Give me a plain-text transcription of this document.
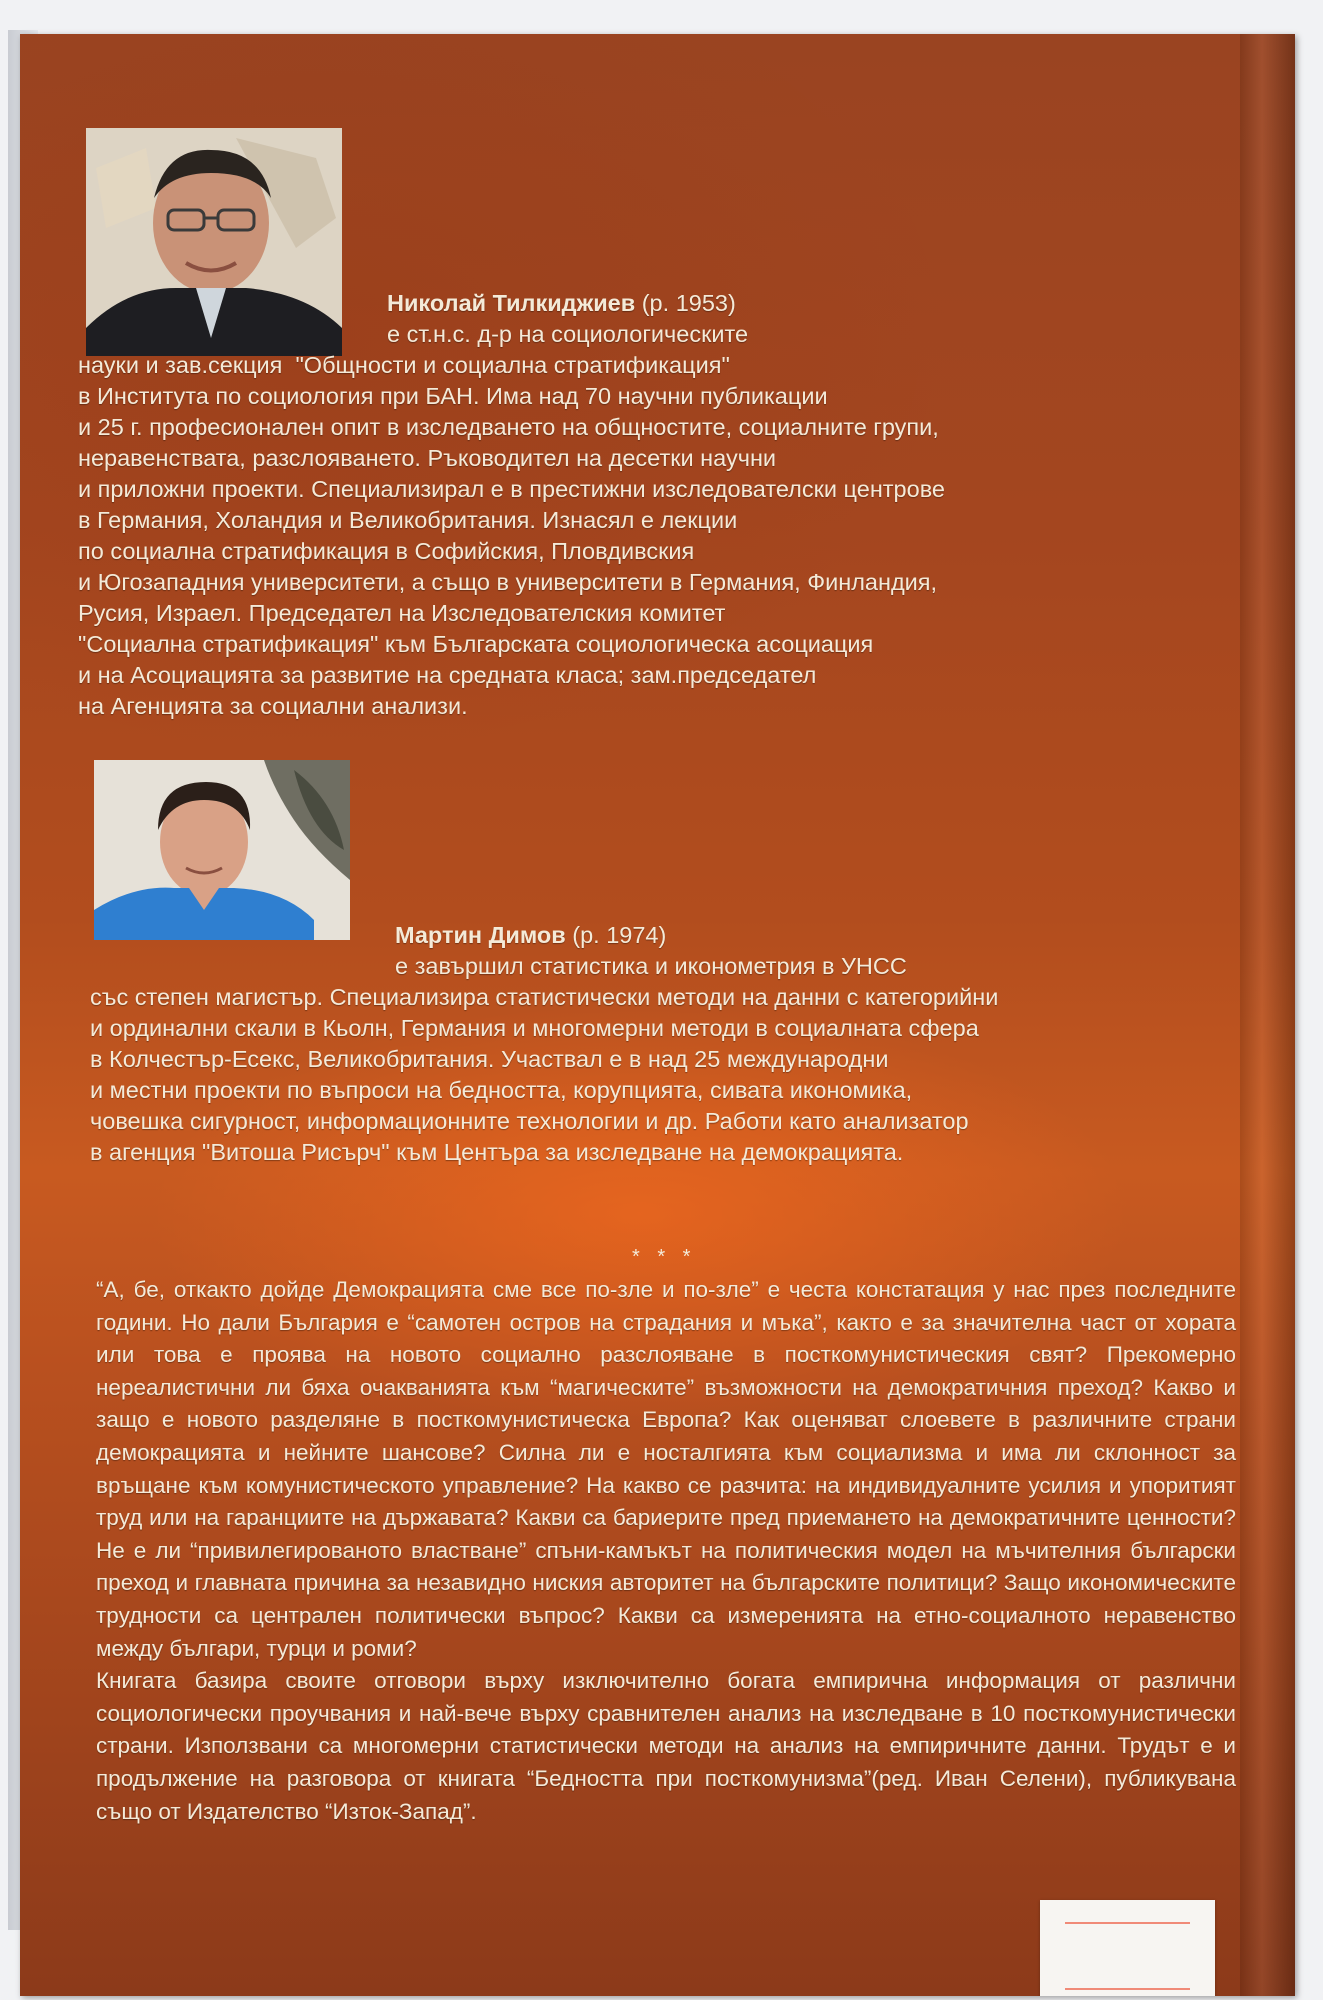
Николай Тилкиджиев (р. 1953)
е ст.н.с. д-р на социологическите
науки и зав.секция  "Общности и социална стратификация"
в Института по социология при БАН. Има над 70 научни публикации
и 25 г. професионален опит в изследването на общностите, социалните групи,
неравенствата, разслояването. Ръководител на десетки научни
и приложни проекти. Специализирал е в престижни изследователски центрове
в Германия, Холандия и Великобритания. Изнасял е лекции
по социална стратификация в Софийския, Пловдивския
и Югозападния университети, а също в университети в Германия, Финландия,
Русия, Израел. Председател на Изследователския комитет
"Социална стратификация" към Българската социологическа асоциация
и на Асоциацията за развитие на средната класа; зам.председател
на Агенцията за социални анализи.
Мартин Димов (р. 1974)
е завършил статистика и иконометрия в УНСС
със степен магистър. Специализира статистически методи на данни с категорийни
и ординални скали в Кьолн, Германия и многомерни методи в социалната сфера
в Колчестър-Есекс, Великобритания. Участвал е в над 25 международни
и местни проекти по въпроси на бедността, корупцията, сивата икономика,
човешка сигурност, информационните технологии и др. Работи като анализатор
в агенция "Витоша Рисърч" към Центъра за изследване на демокрацията.
* * *

“А, бе, откакто дойде Демокрацията сме все по-зле и по-зле” е честа констатация у нас през последните години. Но дали България е “самотен остров на страдания и мъка”, както е за значителна част от хората или това е проява на новото социално разслояване в посткомунистическия свят? Прекомерно нереалистични ли бяха очакванията към “магическите” възможности на демократичния преход? Какво и защо е новото разделяне в посткомунистическа Европа? Как оценяват слоевете в различните страни демокрацията и нейните шансове? Силна ли е носталгията към социализма и има ли склонност за връщане към комунистическото управление? На какво се разчита: на индивидуалните усилия и упоритият труд или на гаранциите на държавата? Какви са бариерите пред приемането на демократичните ценности? Не е ли “привилегированото властване” спъни-камъкът на политическия модел на мъчителния български преход и главната причина за незавидно ниския авторитет на българските политици? Защо икономическите трудности са централен политически въпрос? Какви са измеренията на етно-социалното неравенство между българи, турци и роми?

Книгата базира своите отговори върху изключително богата емпирична информация от различни социологически проучвания и най-вече върху сравнителен анализ на изследване в 10 посткомунистически страни. Използвани са многомерни статистически методи на анализ на емпиричните данни. Трудът е и продължение на разговора от книгата “Бедността при посткомунизма”(ред. Иван Селени), публикувана също от Издателство “Изток-Запад”.
